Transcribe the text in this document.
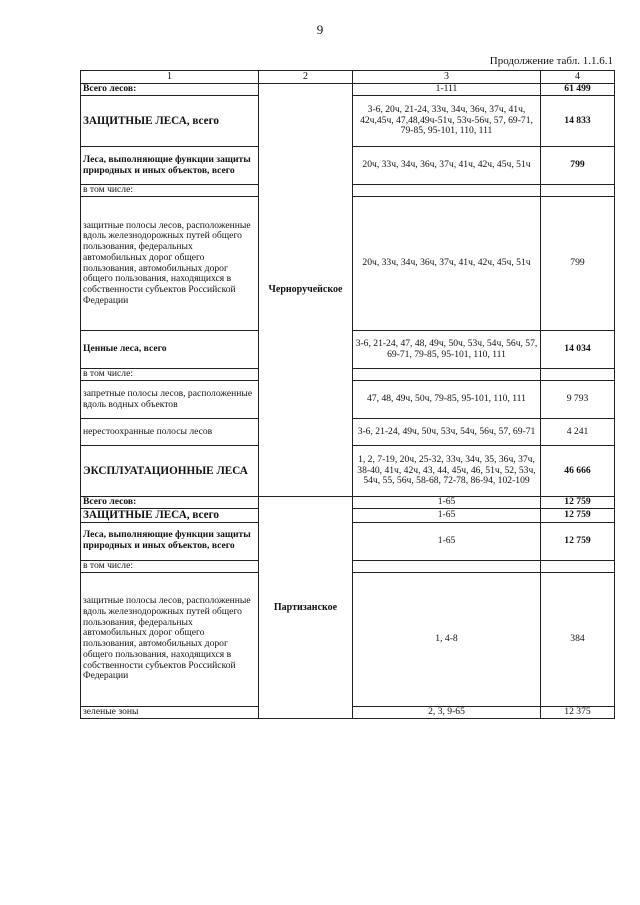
9
Продолжение табл. 1.1.6.1
1	2	3	4
Всего лесов:	Черноручейское	1-111	61 499
ЗАЩИТНЫЕ ЛЕСА, всего		3-6, 20ч, 21-24, 33ч, 34ч, 36ч, 37ч, 41ч, 42ч,45ч, 47,48,49ч-51ч, 53ч-56ч, 57, 69-71, 79-85, 95-101, 110, 111	14 833
Леса, выполняющие функции защиты природных и иных объектов, всего		20ч, 33ч, 34ч, 36ч, 37ч, 41ч, 42ч, 45ч, 51ч	799
в том числе:			
защитные полосы лесов, расположенные вдоль железнодорожных путей общего пользования, федеральных автомобильных дорог общего пользования, автомобильных дорог общего пользования, находящихся в собственности субъектов Российской Федерации		20ч, 33ч, 34ч, 36ч, 37ч, 41ч, 42ч, 45ч, 51ч	799
Ценные леса, всего		3-6, 21-24, 47, 48, 49ч, 50ч, 53ч, 54ч, 56ч, 57, 69-71, 79-85, 95-101, 110, 111	14 034
в том числе:			
запретные полосы лесов, расположенные вдоль водных объектов		47, 48, 49ч, 50ч, 79-85, 95-101, 110, 111	9 793
нерестоохранные полосы лесов		3-6, 21-24, 49ч, 50ч, 53ч, 54ч, 56ч, 57, 69-71	4 241
ЭКСПЛУАТАЦИОННЫЕ ЛЕСА		1, 2, 7-19, 20ч, 25-32, 33ч, 34ч, 35, 36ч, 37ч, 38-40, 41ч, 42ч, 43, 44, 45ч, 46, 51ч, 52, 53ч, 54ч, 55, 56ч, 58-68, 72-78, 86-94, 102-109	46 666
Всего лесов:	Партизанское	1-65	12 759
ЗАЩИТНЫЕ ЛЕСА, всего		1-65	12 759
Леса, выполняющие функции защиты природных и иных объектов, всего		1-65	12 759
в том числе:			
защитные полосы лесов, расположенные вдоль железнодорожных путей общего пользования, федеральных автомобильных дорог общего пользования, автомобильных дорог общего пользования, находящихся в собственности субъектов Российской Федерации		1, 4-8	384
зеленые зоны		2, 3, 9-65	12 375
